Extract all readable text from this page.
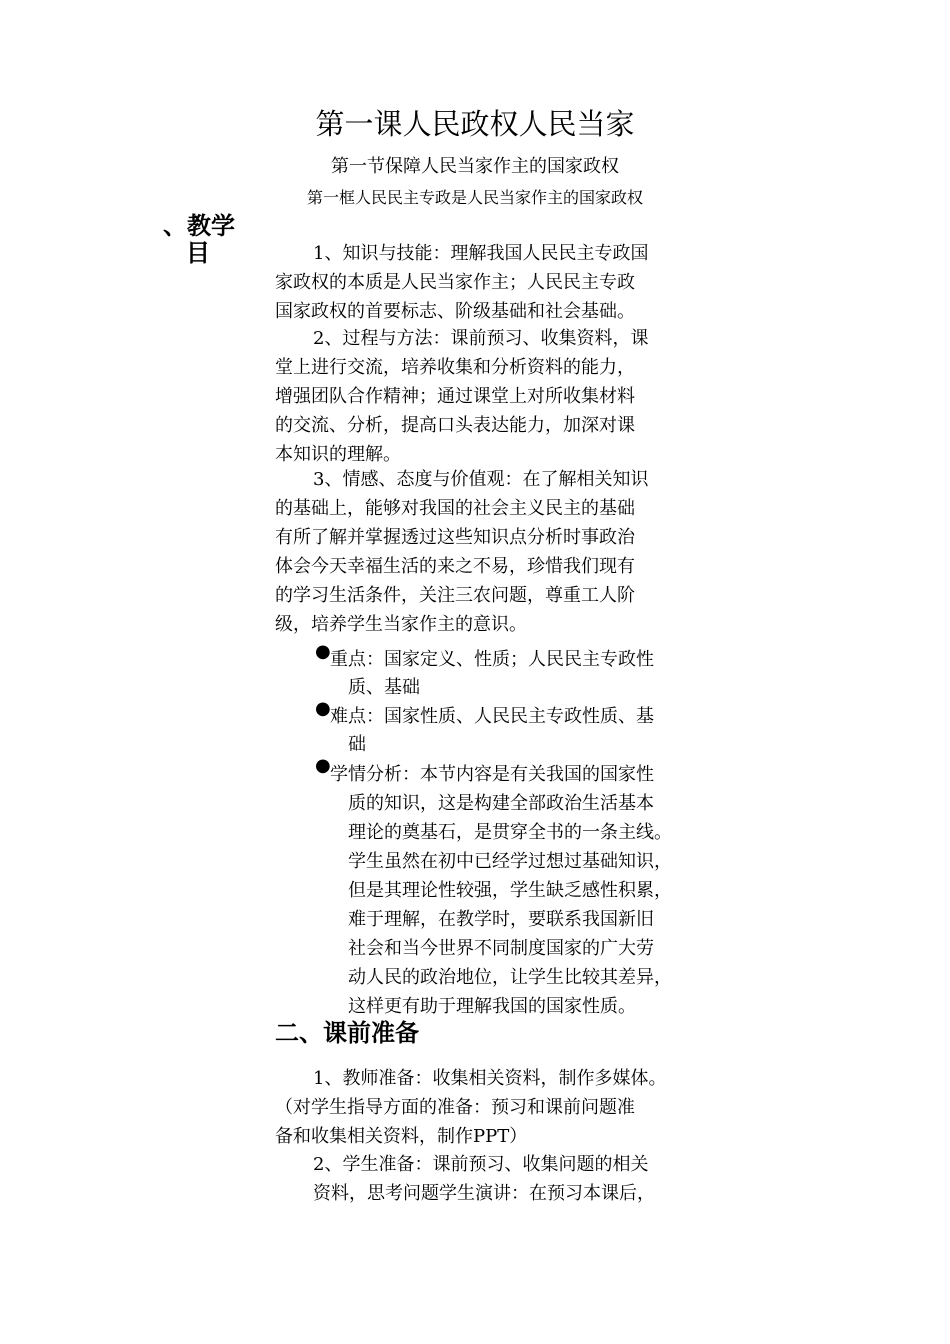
第一课人民政权人民当家
第一节保障人民当家作主的国家政权
第一框人民民主专政是人民当家作主的国家政权
、教学
目	1、知识与技能：理解我国人民民主专政国
家政权的本质是人民当家作主；人民民主专政
国家政权的首要标志、阶级基础和社会基础。
2、过程与方法：课前预习、收集资料，课
堂上进行交流，培养收集和分析资料的能力，
增强团队合作精神；通过课堂上对所收集材料
的交流、分析，提高口头表达能力，加深对课
本知识的理解。
3、情感、态度与价值观：在了解相关知识
的基础上，能够对我国的社会主义民主的基础
有所了解并掌握透过这些知识点分析时事政治
体会今天幸福生活的来之不易，珍惜我们现有
的学习生活条件，关注三农问题，尊重工人阶
级，培养学生当家作主的意识。
● 重点：国家定义、性质；人民民主专政性
质、基础
● 难点：国家性质、人民民主专政性质、基
础
● 学情分析：本节内容是有关我国的国家性
质的知识，这是构建全部政治生活基本
理论的奠基石，是贯穿全书的一条主线。
学生虽然在初中已经学过想过基础知识，
但是其理论性较强，学生缺乏感性积累，
难于理解，在教学时，要联系我国新旧
社会和当今世界不同制度国家的广大劳
动人民的政治地位，让学生比较其差异，
这样更有助于理解我国的国家性质。
二、课前准备
1、教师准备：收集相关资料，制作多媒体。
（对学生指导方面的准备：预习和课前问题准
备和收集相关资料，制作PPT）
2、学生准备：课前预习、收集问题的相关
资料，思考问题学生演讲：在预习本课后，
